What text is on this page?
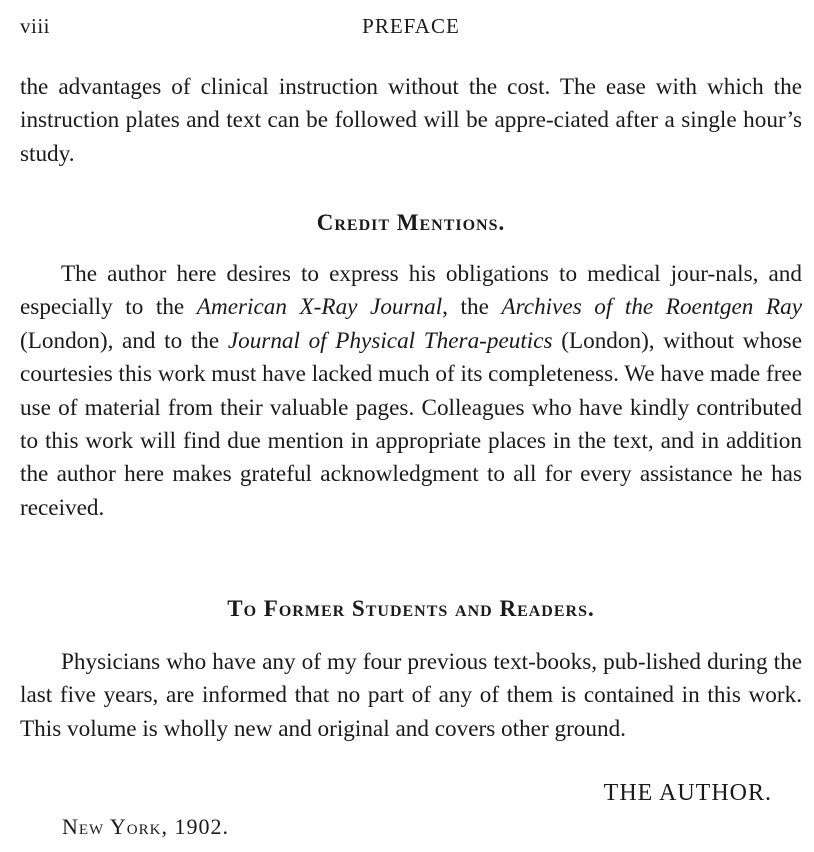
viii	PREFACE

the advantages of clinical instruction without the cost. The ease with which the instruction plates and text can be followed will be appre-ciated after a single hour’s study.

Credit Mentions.

The author here desires to express his obligations to medical jour-nals, and especially to the American X-Ray Journal, the Archives of the Roentgen Ray (London), and to the Journal of Physical Thera-peutics (London), without whose courtesies this work must have lacked much of its completeness. We have made free use of material from their valuable pages. Colleagues who have kindly contributed to this work will find due mention in appropriate places in the text, and in addition the author here makes grateful acknowledgment to all for every assistance he has received.

To Former Students and Readers.

Physicians who have any of my four previous text-books, pub-lished during the last five years, are informed that no part of any of them is contained in this work. This volume is wholly new and original and covers other ground.

THE AUTHOR.
New York, 1902.
